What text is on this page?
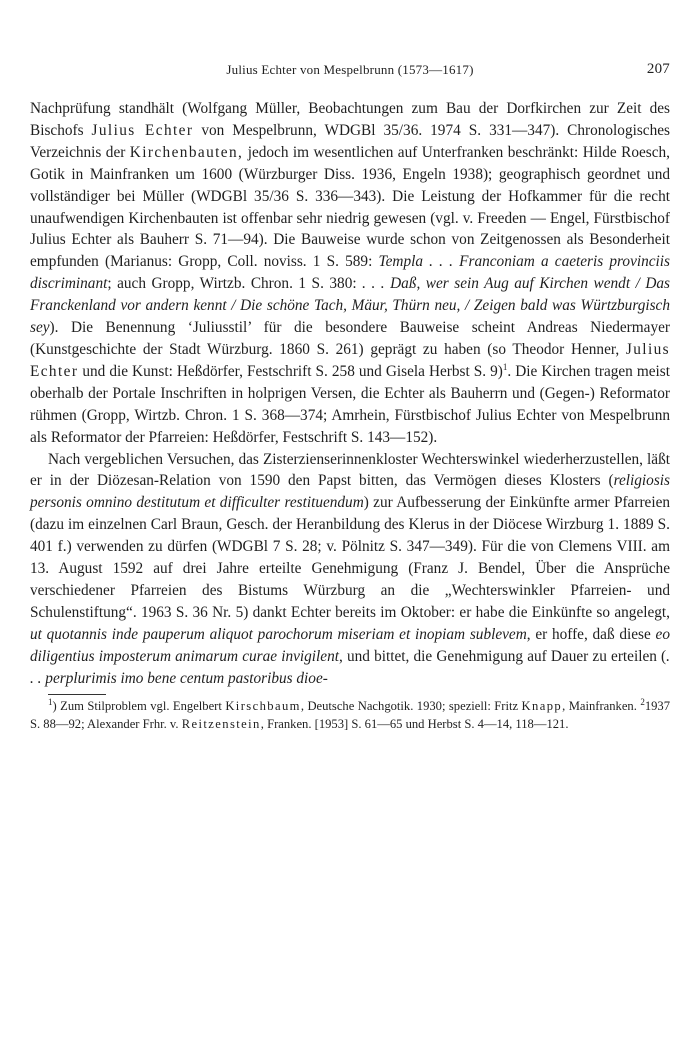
Julius Echter von Mespelbrunn (1573—1617)	207

Nachprüfung standhält (Wolfgang Müller, Beobachtungen zum Bau der Dorfkirchen zur Zeit des Bischofs Julius Echter von Mespelbrunn, WDGBl 35/36. 1974 S. 331—347). Chronologisches Verzeichnis der Kirchenbauten, jedoch im wesentlichen auf Unterfranken beschränkt: Hilde Roesch, Gotik in Mainfranken um 1600 (Würzburger Diss. 1936, Engeln 1938); geographisch geordnet und vollständiger bei Müller (WDGBl 35/36 S. 336—343). Die Leistung der Hofkammer für die recht unaufwendigen Kirchenbauten ist offenbar sehr niedrig gewesen (vgl. v. Freeden — Engel, Fürstbischof Julius Echter als Bauherr S. 71—94). Die Bauweise wurde schon von Zeitgenossen als Besonderheit empfunden (Marianus: Gropp, Coll. noviss. 1 S. 589: Templa . . . Franconiam a caeteris provinciis discriminant; auch Gropp, Wirtzb. Chron. 1 S. 380: . . . Daß, wer sein Aug auf Kirchen wendt / Das Franckenland vor andern kennt / Die schöne Tach, Mäur, Thürn neu, / Zeigen bald was Würtzburgisch sey). Die Benennung ‘Juliusstil’ für die besondere Bauweise scheint Andreas Niedermayer (Kunstgeschichte der Stadt Würzburg. 1860 S. 261) geprägt zu haben (so Theodor Henner, Julius Echter und die Kunst: Heßdörfer, Festschrift S. 258 und Gisela Herbst S. 9)$^1$. Die Kirchen tragen meist oberhalb der Portale Inschriften in holprigen Versen, die Echter als Bauherrn und (Gegen-) Reformator rühmen (Gropp, Wirtzb. Chron. 1 S. 368—374; Amrhein, Fürstbischof Julius Echter von Mespelbrunn als Reformator der Pfarreien: Heßdörfer, Festschrift S. 143—152).

Nach vergeblichen Versuchen, das Zisterzienserinnenkloster Wechterswinkel wiederherzustellen, läßt er in der Diözesan-Relation von 1590 den Papst bitten, das Vermögen dieses Klosters (religiosis personis omnino destitutum et difficulter restituendum) zur Aufbesserung der Einkünfte armer Pfarreien (dazu im einzelnen Carl Braun, Gesch. der Heranbildung des Klerus in der Diöcese Wirzburg 1. 1889 S. 401 f.) verwenden zu dürfen (WDGBl 7 S. 28; v. Pölnitz S. 347—349). Für die von Clemens VIII. am 13. August 1592 auf drei Jahre erteilte Genehmigung (Franz J. Bendel, Über die Ansprüche verschiedener Pfarreien des Bistums Würzburg an die „Wechterswinkler Pfarreien- und Schulenstiftung“. 1963 S. 36 Nr. 5) dankt Echter bereits im Oktober: er habe die Einkünfte so angelegt, ut quotannis inde pauperum aliquot parochorum miseriam et inopiam sublevem, er hoffe, daß diese eo diligentius imposterum animarum curae invigilent, und bittet, die Genehmigung auf Dauer zu erteilen (. . . perplurimis imo bene centum pastoribus dioe-

$^1$) Zum Stilproblem vgl. Engelbert Kirschbaum, Deutsche Nachgotik. 1930; speziell: Fritz Knapp, Mainfranken. $^2$1937 S. 88—92; Alexander Frhr. v. Reitzenstein, Franken. [1953] S. 61—65 und Herbst S. 4—14, 118—121.
